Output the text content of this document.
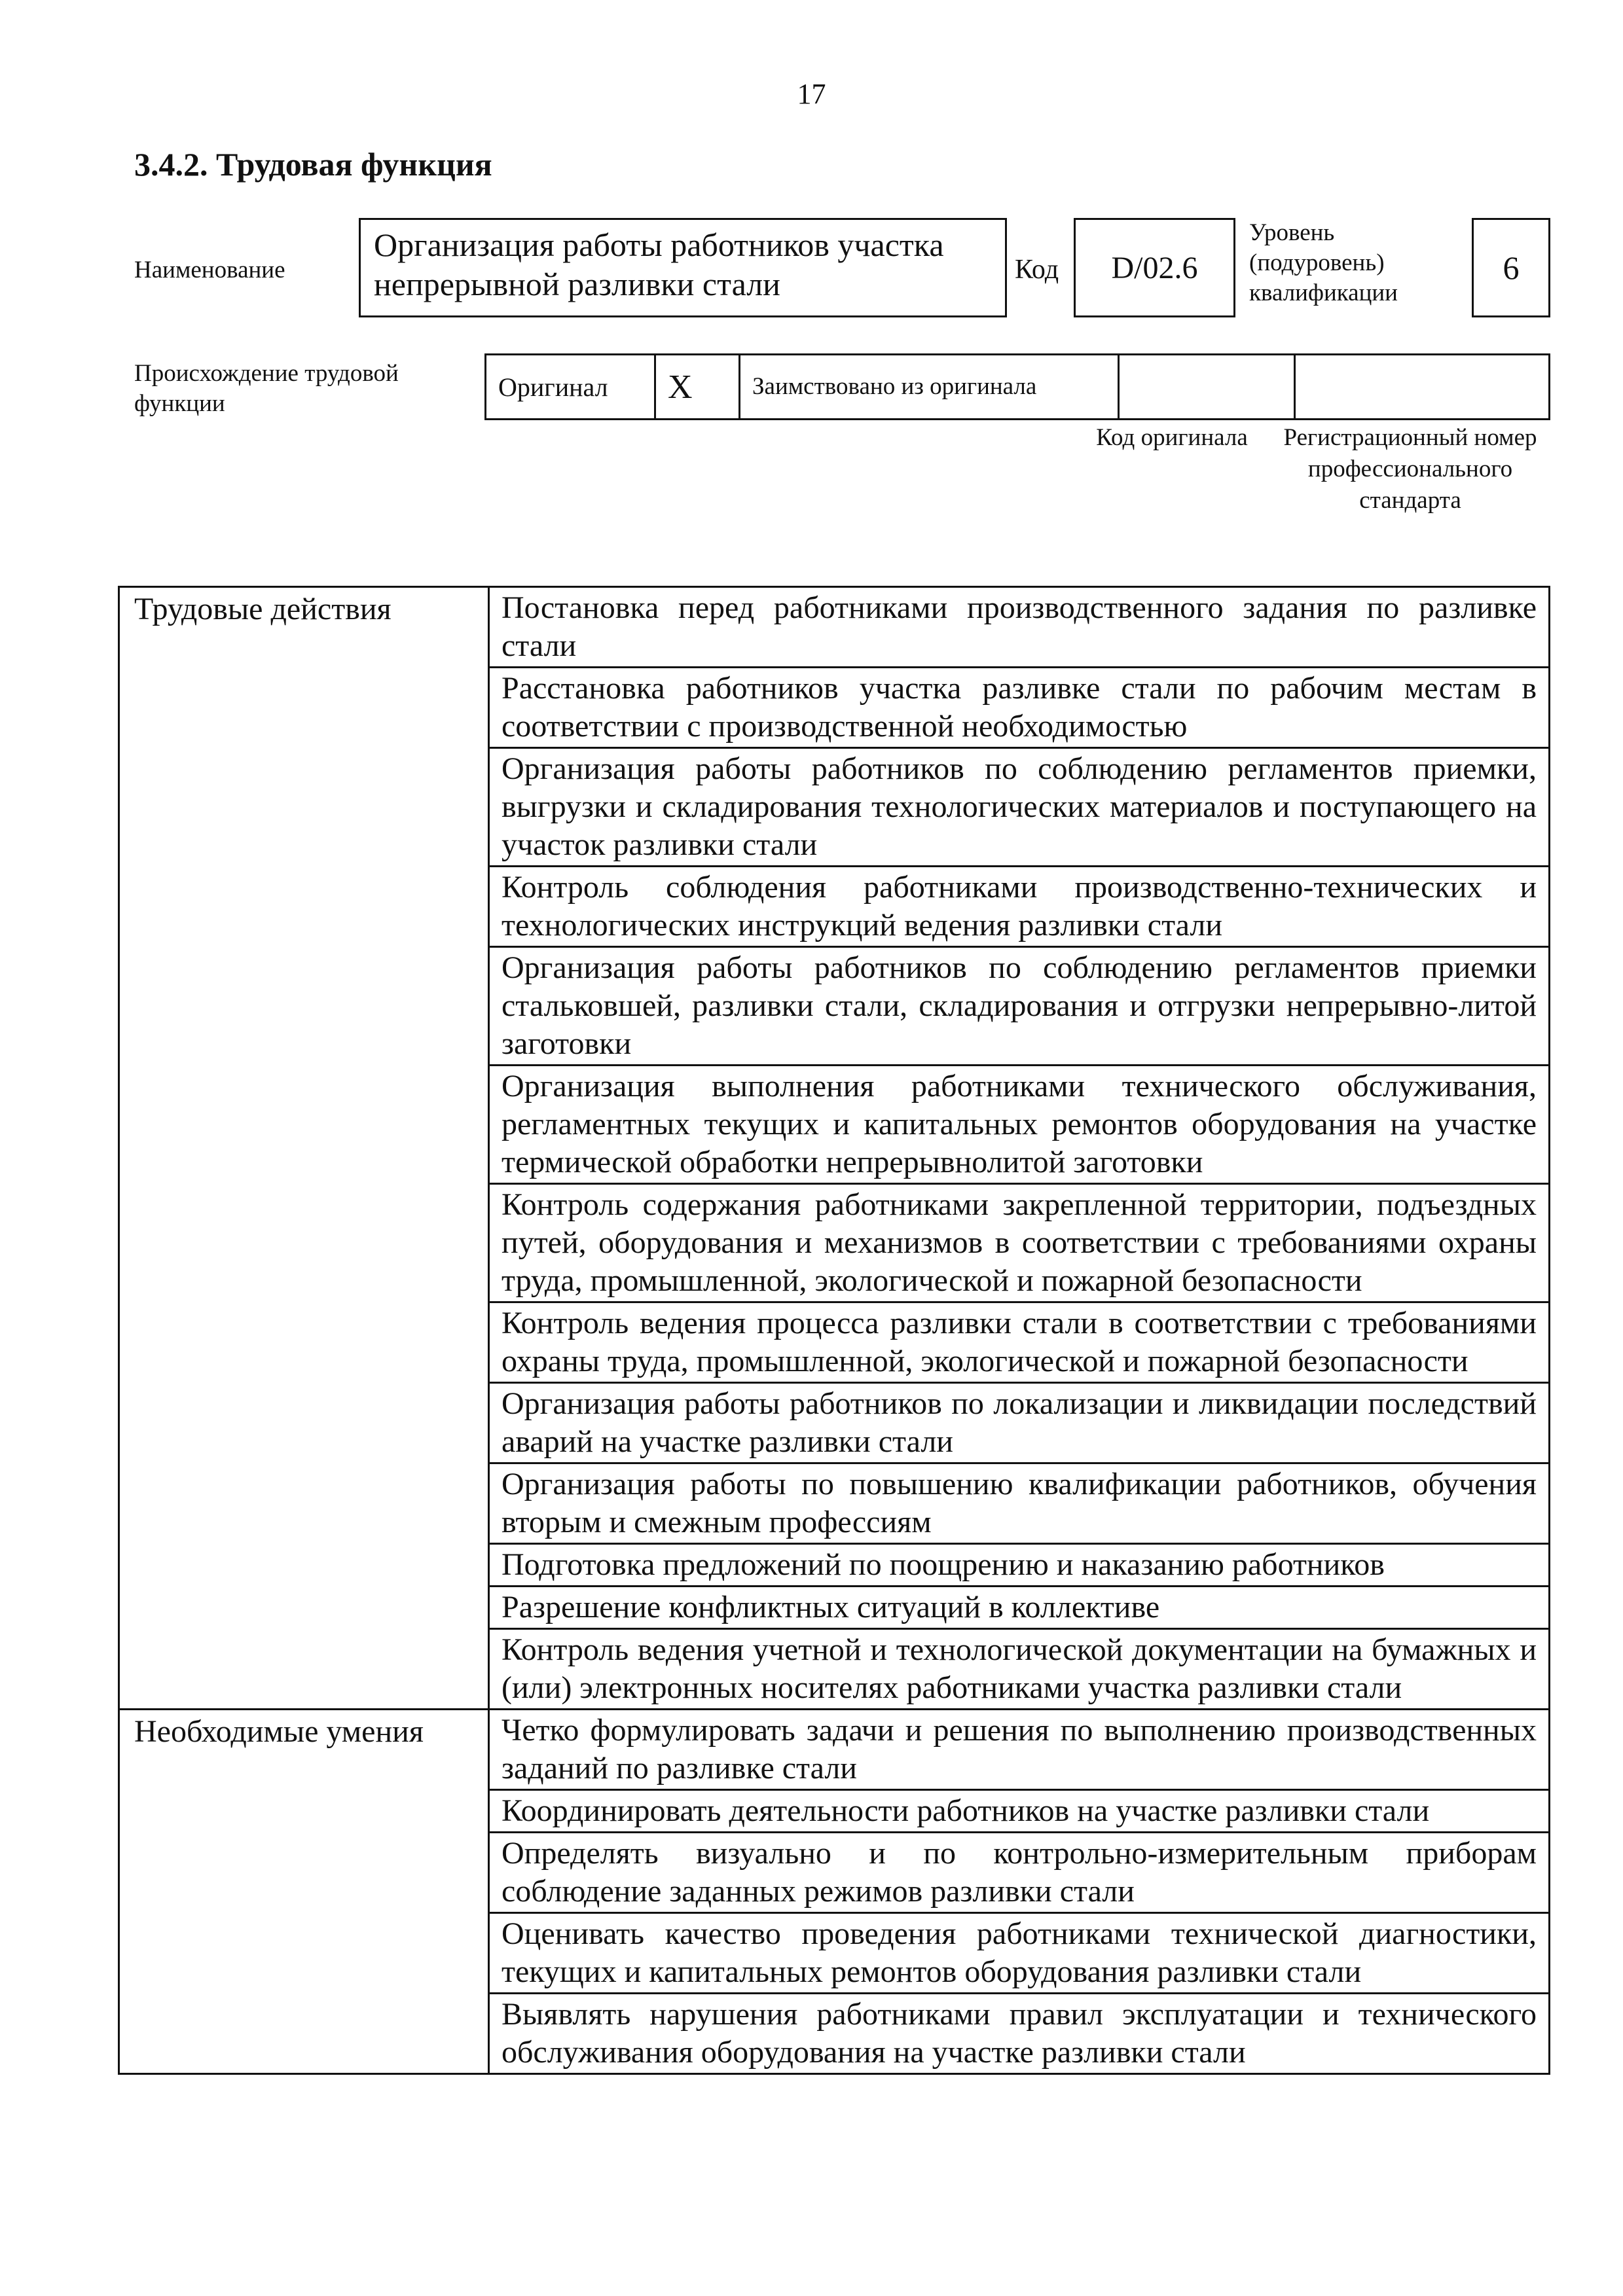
17
3.4.2. Трудовая функция
Наименование
Организация работы работников участка непрерывной разливки стали	Код	D/02.6
Уровень (подуровень) квалификации
6
Происхождение трудовой функции
Оригинал	X	Заимствовано из оригинала		
Код оригинала	Регистрационный номер профессионального стандарта
Трудовые действия	Постановка перед работниками производственного задания по разливке стали
	Расстановка работников участка разливке стали по рабочим местам в соответствии с производственной необходимостью
	Организация работы работников по соблюдению регламентов приемки, выгрузки и складирования технологических материалов и поступающего на участок разливки стали
	Контроль соблюдения работниками производственно-технических и технологических инструкций ведения разливки стали
	Организация работы работников по соблюдению регламентов приемки стальковшей, разливки стали, складирования и отгрузки непрерывно-литой заготовки
	Организация выполнения работниками технического обслуживания, регламентных текущих и капитальных ремонтов оборудования на участке термической обработки непрерывнолитой заготовки
	Контроль содержания работниками закрепленной территории, подъездных путей, оборудования и механизмов в соответствии с требованиями охраны труда, промышленной, экологической и пожарной безопасности
	Контроль ведения процесса разливки стали в соответствии с требованиями охраны труда, промышленной, экологической и пожарной безопасности
	Организация работы работников по локализации и ликвидации последствий аварий на участке разливки стали
	Организация работы по повышению квалификации работников, обучения вторым и смежным профессиям
	Подготовка предложений по поощрению и наказанию работников
	Разрешение конфликтных ситуаций в коллективе
	Контроль ведения учетной и технологической документации на бумажных и (или) электронных носителях работниками участка разливки стали
Необходимые умения	Четко формулировать задачи и решения по выполнению производственных заданий по разливке стали
	Координировать деятельности работников на участке разливки стали
	Определять визуально и по контрольно-измерительным приборам соблюдение заданных режимов разливки стали
	Оценивать качество проведения работниками технической диагностики, текущих и капитальных ремонтов оборудования разливки стали
	Выявлять нарушения работниками правил эксплуатации и технического обслуживания оборудования на участке разливки стали
